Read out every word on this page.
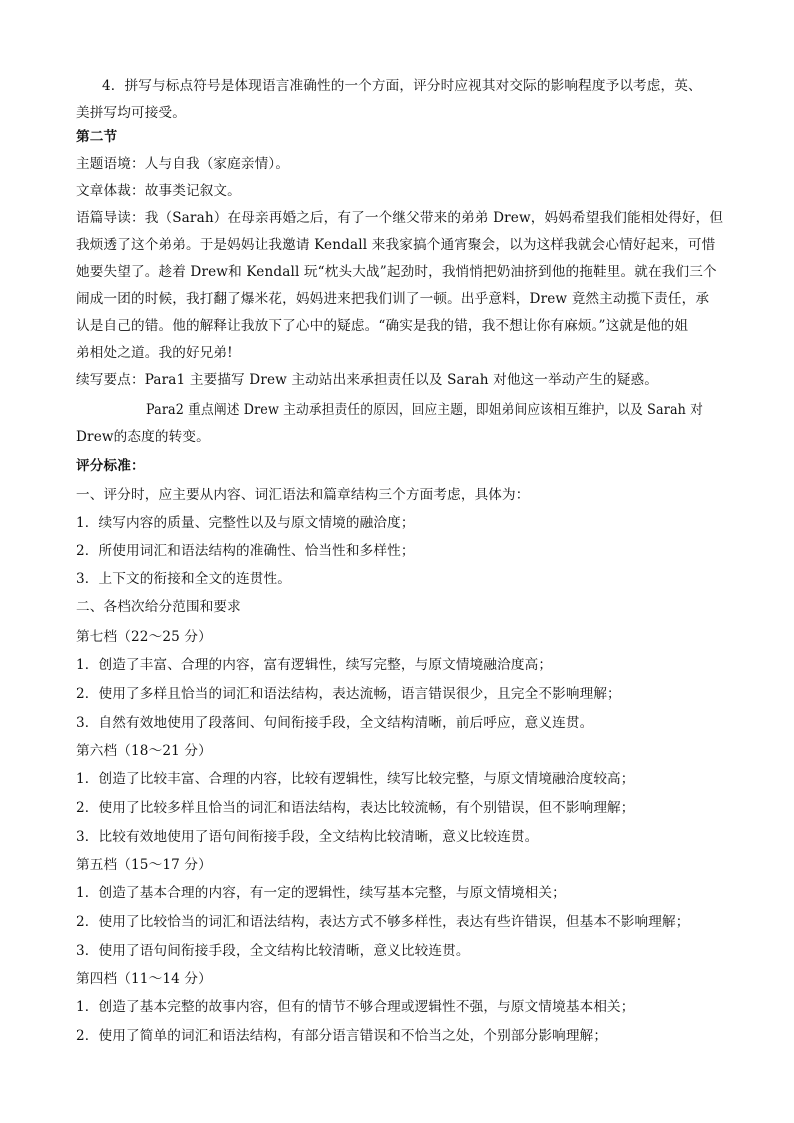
4．拼写与标点符号是体现语言准确性的一个方面，评分时应视其对交际的影响程度予以考虑，英、
美拼写均可接受。
第二节
主题语境：人与自我（家庭亲情）。
文章体裁：故事类记叙文。
语篇导读：我（Sarah）在母亲再婚之后，有了一个继父带来的弟弟 Drew，妈妈希望我们能相处得好，但
我烦透了这个弟弟。于是妈妈让我邀请 Kendall 来我家搞个通宵聚会，以为这样我就会心情好起来，可惜
她要失望了。趁着 Drew和 Kendall 玩“枕头大战”起劲时，我悄悄把奶油挤到他的拖鞋里。就在我们三个
闹成一团的时候，我打翻了爆米花，妈妈进来把我们训了一顿。出乎意料，Drew 竟然主动揽下责任，承
认是自己的错。他的解释让我放下了心中的疑虑。“确实是我的错，我不想让你有麻烦。”这就是他的姐
弟相处之道。我的好兄弟!
续写要点：Para1 主要描写 Drew 主动站出来承担责任以及 Sarah 对他这一举动产生的疑惑。
Para2 重点阐述 Drew 主动承担责任的原因，回应主题，即姐弟间应该相互维护，以及 Sarah 对
Drew的态度的转变。
评分标准：
一、评分时，应主要从内容、词汇语法和篇章结构三个方面考虑，具体为：
1．续写内容的质量、完整性以及与原文情境的融洽度；
2．所使用词汇和语法结构的准确性、恰当性和多样性；
3．上下文的衔接和全文的连贯性。
二、各档次给分范围和要求
第七档（22～25 分）
1．创造了丰富、合理的内容，富有逻辑性，续写完整，与原文情境融洽度高；
2．使用了多样且恰当的词汇和语法结构，表达流畅，语言错误很少，且完全不影响理解；
3．自然有效地使用了段落间、句间衔接手段，全文结构清晰，前后呼应，意义连贯。
第六档（18～21 分）
1．创造了比较丰富、合理的内容，比较有逻辑性，续写比较完整，与原文情境融洽度较高；
2．使用了比较多样且恰当的词汇和语法结构，表达比较流畅，有个别错误，但不影响理解；
3．比较有效地使用了语句间衔接手段，全文结构比较清晰，意义比较连贯。
第五档（15～17 分）
1．创造了基本合理的内容，有一定的逻辑性，续写基本完整，与原文情境相关；
2．使用了比较恰当的词汇和语法结构，表达方式不够多样性，表达有些许错误，但基本不影响理解；
3．使用了语句间衔接手段，全文结构比较清晰，意义比较连贯。
第四档（11～14 分）
1．创造了基本完整的故事内容，但有的情节不够合理或逻辑性不强，与原文情境基本相关；
2．使用了简单的词汇和语法结构，有部分语言错误和不恰当之处，个别部分影响理解；
